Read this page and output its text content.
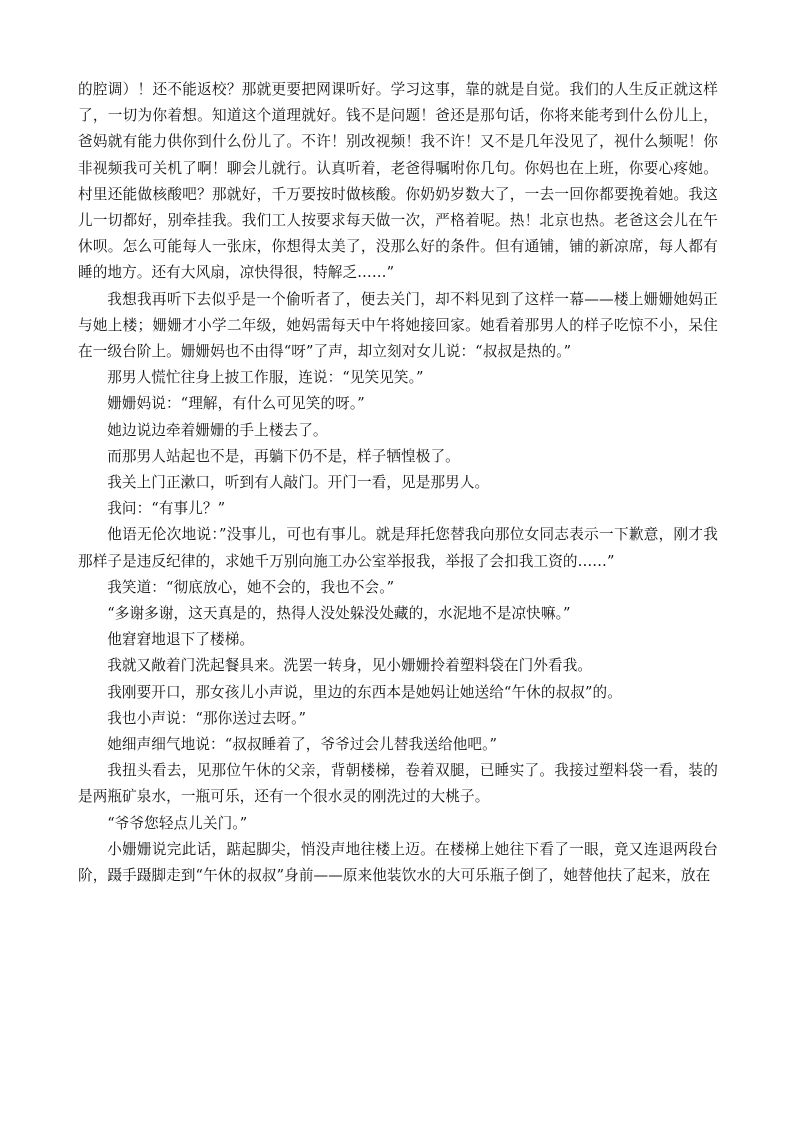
的腔调）！还不能返校？那就更要把网课听好。学习这事，靠的就是自觉。我们的人生反正就这样了，一切为你着想。知道这个道理就好。钱不是问题！爸还是那句话，你将来能考到什么份儿上，爸妈就有能力供你到什么份儿了。不许！别改视频！我不许！又不是几年没见了，视什么频呢！你非视频我可关机了啊！聊会儿就行。认真听着，老爸得嘱咐你几句。你妈也在上班，你要心疼她。村里还能做核酸吧？那就好，千万要按时做核酸。你奶奶岁数大了，一去一回你都要挽着她。我这儿一切都好，别牵挂我。我们工人按要求每天做一次，严格着呢。热！北京也热。老爸这会儿在午休呗。怎么可能每人一张床，你想得太美了，没那么好的条件。但有通铺，铺的新凉席，每人都有睡的地方。还有大风扇，凉快得很，特解乏……”

我想我再听下去似乎是一个偷听者了，便去关门，却不料见到了这样一幕——楼上姗姗她妈正与她上楼；姗姗才小学二年级，她妈需每天中午将她接回家。她看着那男人的样子吃惊不小，呆住在一级台阶上。姗姗妈也不由得“呀”了声，却立刻对女儿说：“叔叔是热的。”

那男人慌忙往身上披工作服，连说：“见笑见笑。”

姗姗妈说：“理解，有什么可见笑的呀。”

她边说边牵着姗姗的手上楼去了。

而那男人站起也不是，再躺下仍不是，样子牺惶极了。

我关上门正漱口，听到有人敲门。开门一看，见是那男人。

我问：“有事儿？”

他语无伦次地说：”没事儿，可也有事儿。就是拜托您替我向那位女同志表示一下歉意，刚才我那样子是违反纪律的，求她千万别向施工办公室举报我，举报了会扣我工资的……”

我笑道：“彻底放心，她不会的，我也不会。”

“多谢多谢，这天真是的，热得人没处躲没处藏的，水泥地不是凉快嘛。”

他窘窘地退下了楼梯。

我就又敞着门洗起餐具来。洗罢一转身，见小姗姗拎着塑料袋在门外看我。

我刚要开口，那女孩儿小声说，里边的东西本是她妈让她送给“午休的叔叔”的。

我也小声说：“那你送过去呀。”

她细声细气地说：“叔叔睡着了，爷爷过会儿替我送给他吧。”

我扭头看去，见那位午休的父亲，背朝楼梯，卷着双腿，已睡实了。我接过塑料袋一看，装的是两瓶矿泉水，一瓶可乐，还有一个很水灵的刚洗过的大桃子。

“爷爷您轻点儿关门。”

小姗姗说完此话，踮起脚尖，悄没声地往楼上迈。在楼梯上她往下看了一眼，竟又连退两段台阶，蹑手蹑脚走到“午休的叔叔”身前——原来他装饮水的大可乐瓶子倒了，她替他扶了起来，放在
